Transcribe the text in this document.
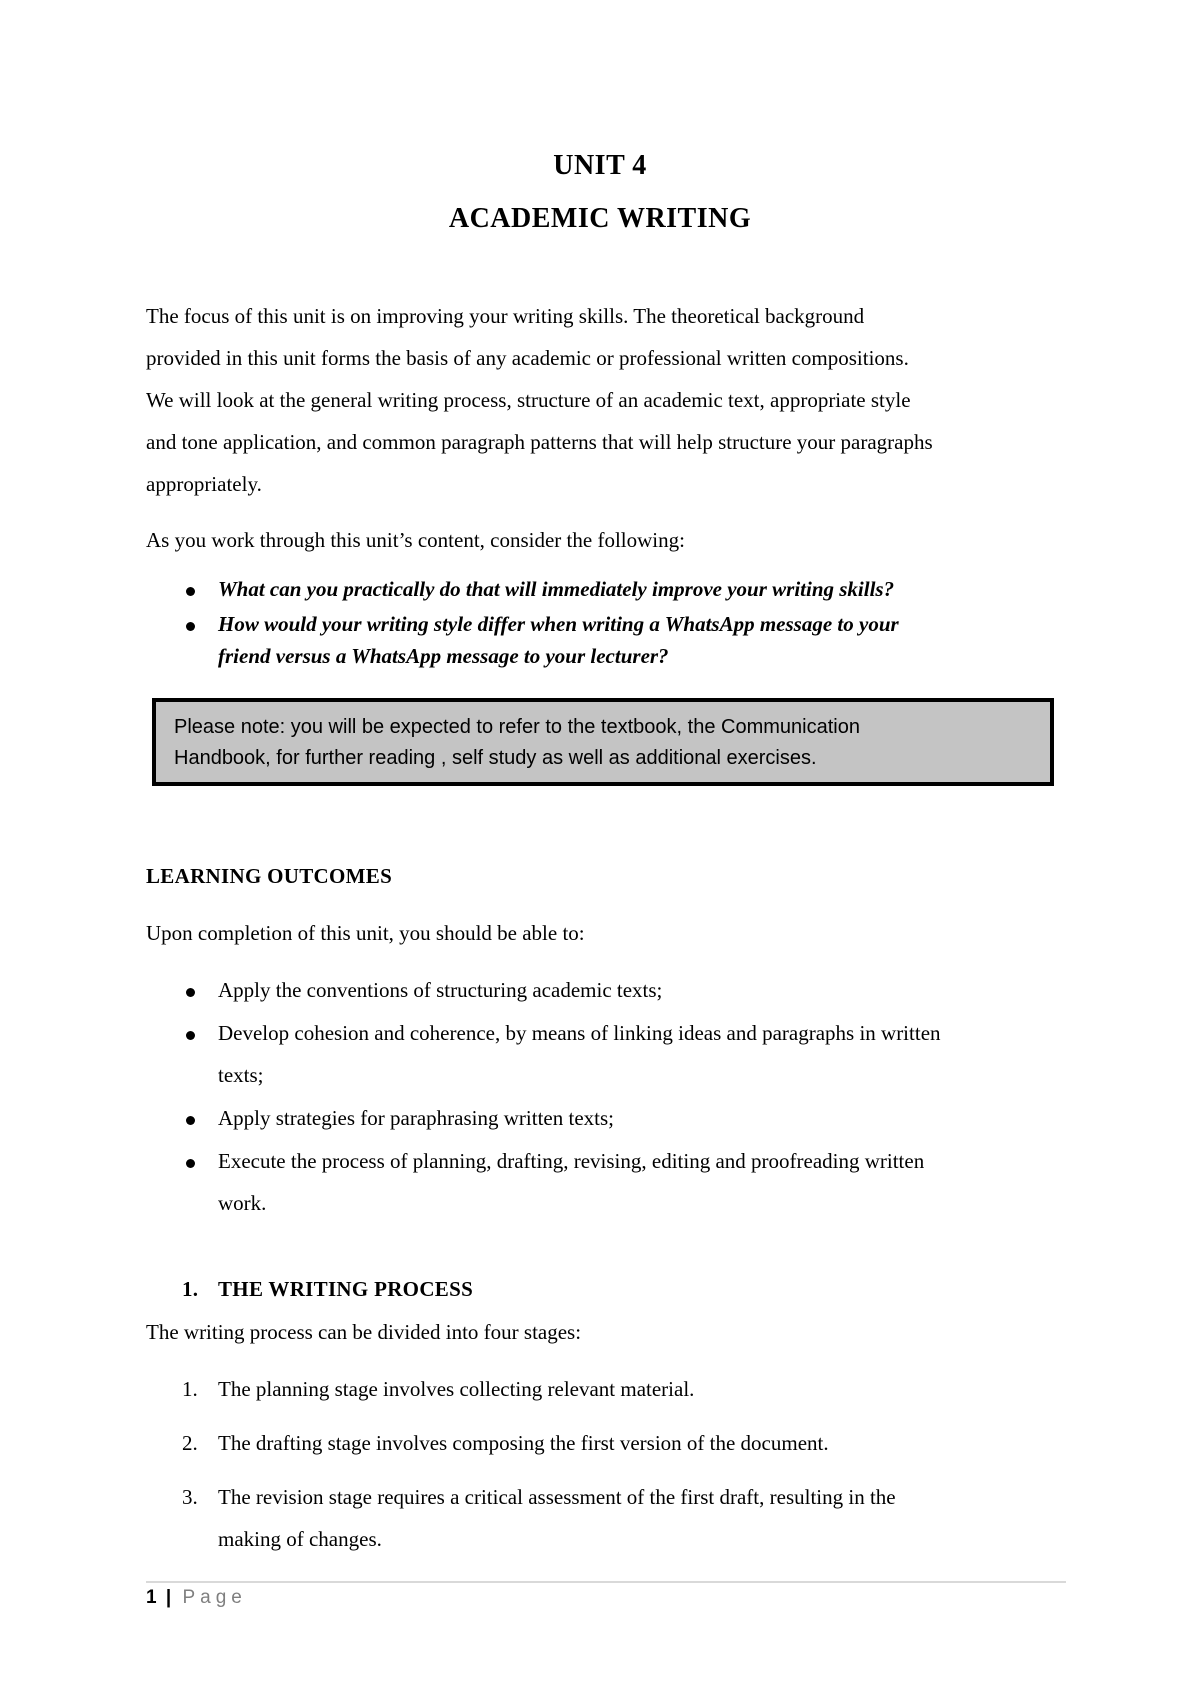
UNIT 4
ACADEMIC WRITING
The focus of this unit is on improving your writing skills. The theoretical background
provided in this unit forms the basis of any academic or professional written compositions.
We will look at the general writing process, structure of an academic text, appropriate style
and tone application, and common paragraph patterns that will help structure your paragraphs
appropriately.
As you work through this unit’s content, consider the following:
What can you practically do that will immediately improve your writing skills?
How would your writing style differ when writing a WhatsApp message to your
friend versus a WhatsApp message to your lecturer?
Please note: you will be expected to refer to the textbook, the Communication
Handbook, for further reading , self study as well as additional exercises.
LEARNING OUTCOMES
Upon completion of this unit, you should be able to:
Apply the conventions of structuring academic texts;
Develop cohesion and coherence, by means of linking ideas and paragraphs in written
texts;
Apply strategies for paraphrasing written texts;
Execute the process of planning, drafting, revising, editing and proofreading written
work.
1. THE WRITING PROCESS
The writing process can be divided into four stages:
1. The planning stage involves collecting relevant material.
2. The drafting stage involves composing the first version of the document.
3. The revision stage requires a critical assessment of the first draft, resulting in the
making of changes.
1 | Page
